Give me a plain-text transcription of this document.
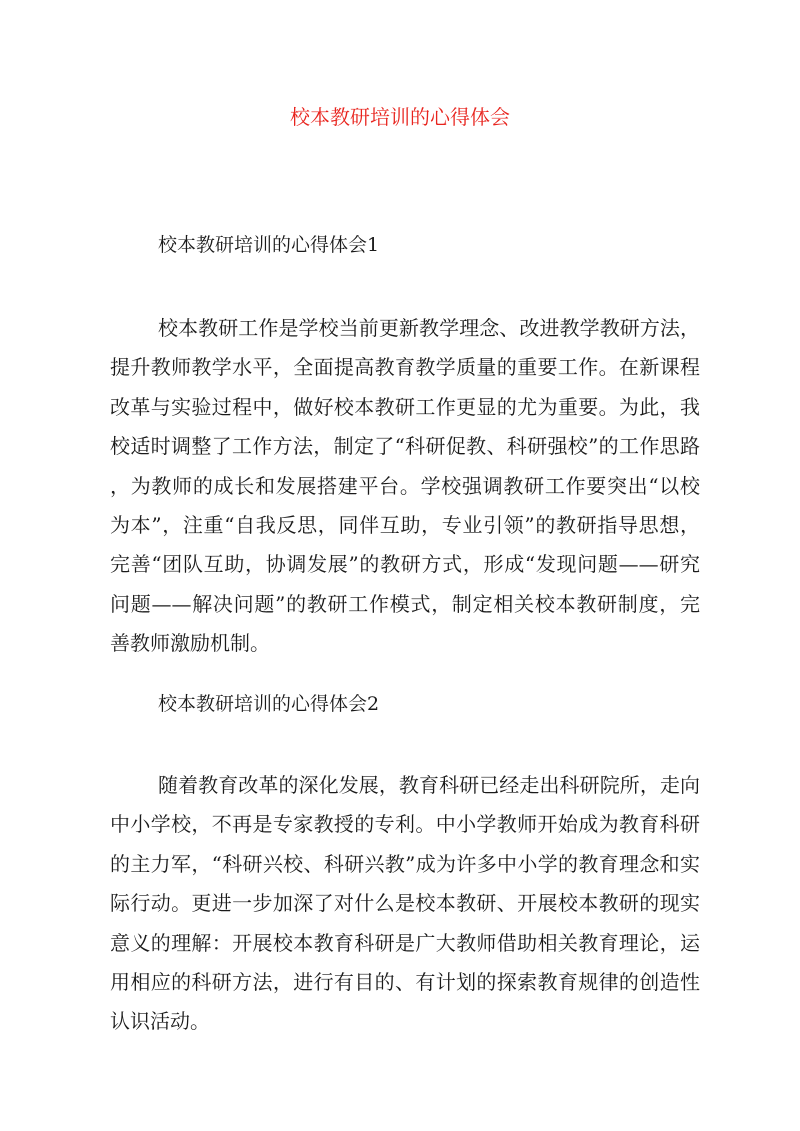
校本教研培训的心得体会
校本教研培训的心得体会1

校本教研工作是学校当前更新教学理念、改进教学教研方法，提升教师教学水平，全面提高教育教学质量的重要工作。在新课程改革与实验过程中，做好校本教研工作更显的尤为重要。为此，我校适时调整了工作方法，制定了“科研促教、科研强校”的工作思路，为教师的成长和发展搭建平台。学校强调教研工作要突出“以校为本”，注重“自我反思，同伴互助，专业引领”的教研指导思想，完善“团队互助，协调发展”的教研方式，形成“发现问题——研究问题——解决问题”的教研工作模式，制定相关校本教研制度，完善教师激励机制。

校本教研培训的心得体会2

随着教育改革的深化发展，教育科研已经走出科研院所，走向中小学校，不再是专家教授的专利。中小学教师开始成为教育科研的主力军，“科研兴校、科研兴教”成为许多中小学的教育理念和实际行动。更进一步加深了对什么是校本教研、开展校本教研的现实意义的理解：开展校本教育科研是广大教师借助相关教育理论，运用相应的科研方法，进行有目的、有计划的探索教育规律的创造性认识活动。
